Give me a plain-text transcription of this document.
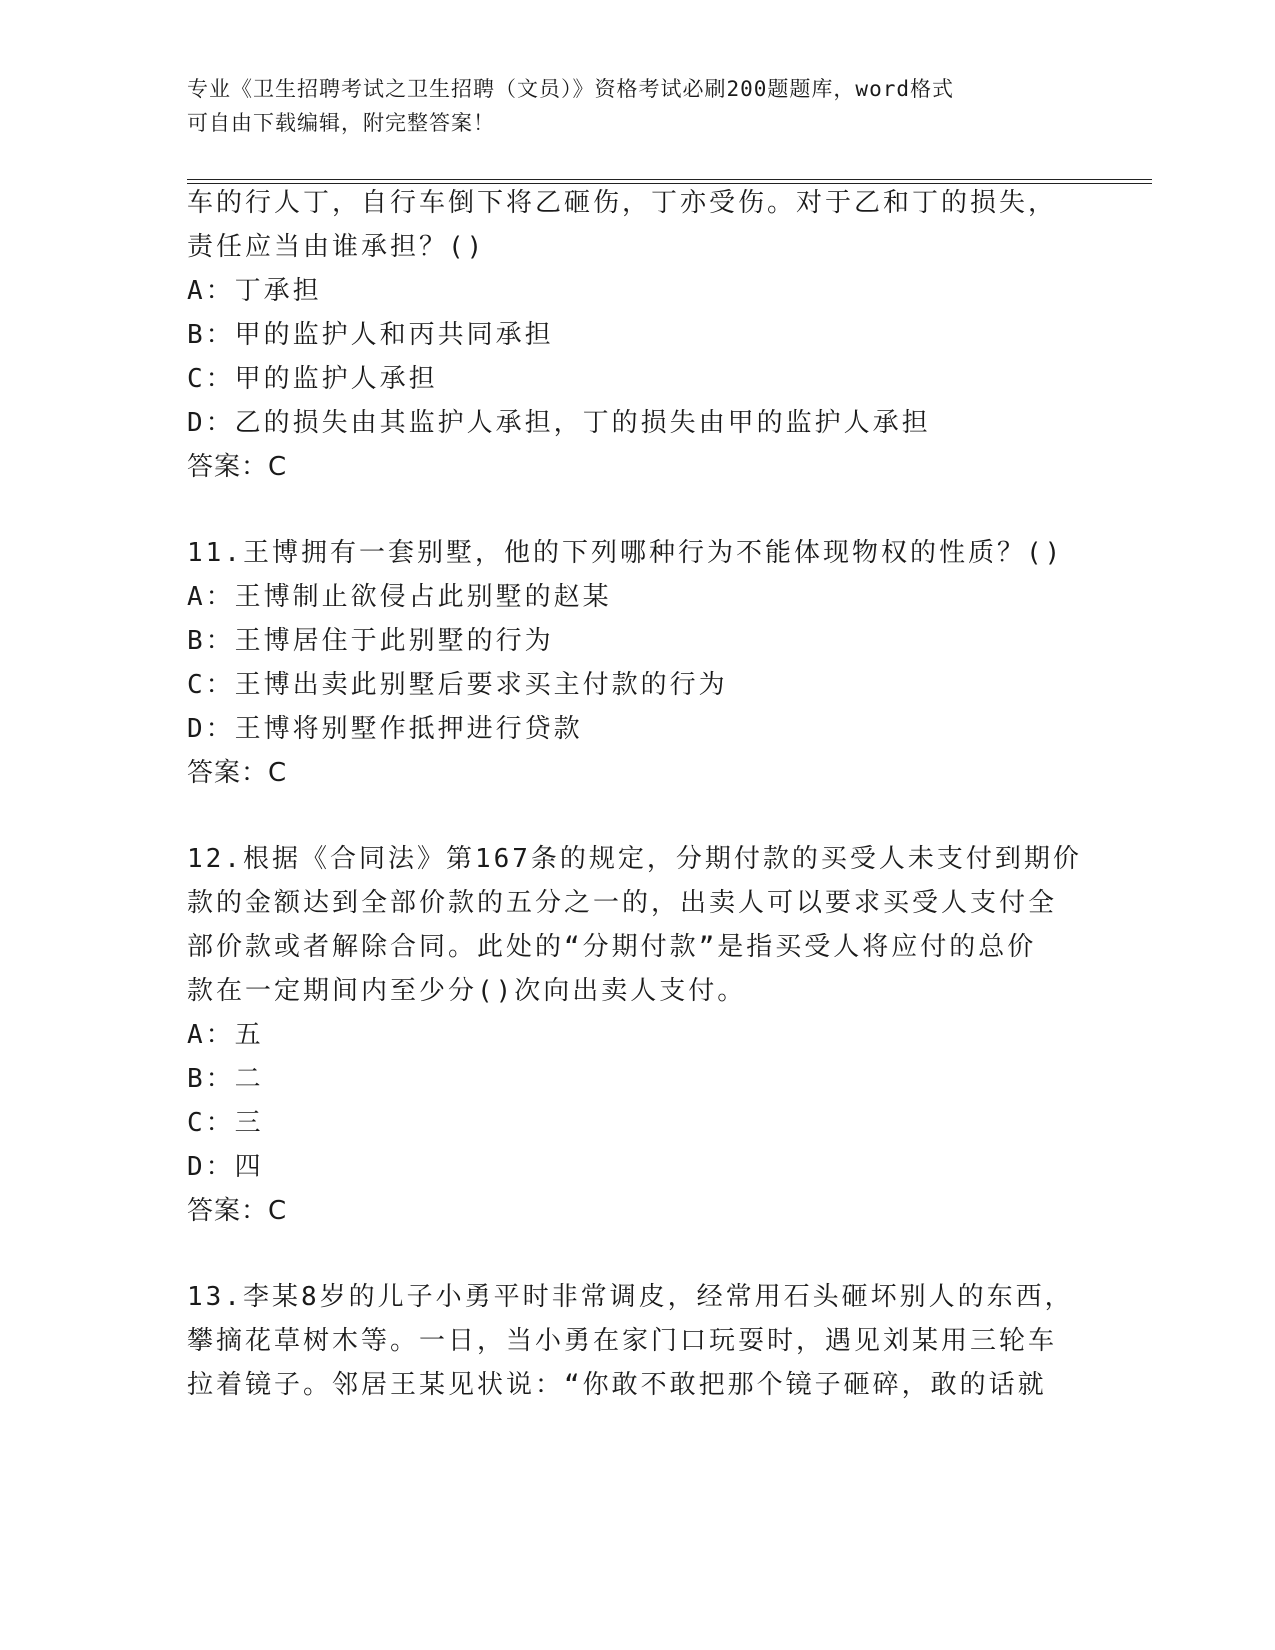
专业《卫生招聘考试之卫生招聘（文员）》资格考试必刷200题题库，word格式
可自由下载编辑，附完整答案！
车的行人丁，自行车倒下将乙砸伤，丁亦受伤。对于乙和丁的损失，
责任应当由谁承担？()
A：丁承担
B：甲的监护人和丙共同承担
C：甲的监护人承担
D：乙的损失由其监护人承担，丁的损失由甲的监护人承担
答案：C
11.王博拥有一套别墅，他的下列哪种行为不能体现物权的性质？()
A：王博制止欲侵占此别墅的赵某
B：王博居住于此别墅的行为
C：王博出卖此别墅后要求买主付款的行为
D：王博将别墅作抵押进行贷款
答案：C
12.根据《合同法》第167条的规定，分期付款的买受人未支付到期价
款的金额达到全部价款的五分之一的，出卖人可以要求买受人支付全
部价款或者解除合同。此处的“分期付款”是指买受人将应付的总价
款在一定期间内至少分()次向出卖人支付。
A：五
B：二
C：三
D：四
答案：C
13.李某8岁的儿子小勇平时非常调皮，经常用石头砸坏别人的东西，
攀摘花草树木等。一日，当小勇在家门口玩耍时，遇见刘某用三轮车
拉着镜子。邻居王某见状说：“你敢不敢把那个镜子砸碎，敢的话就
